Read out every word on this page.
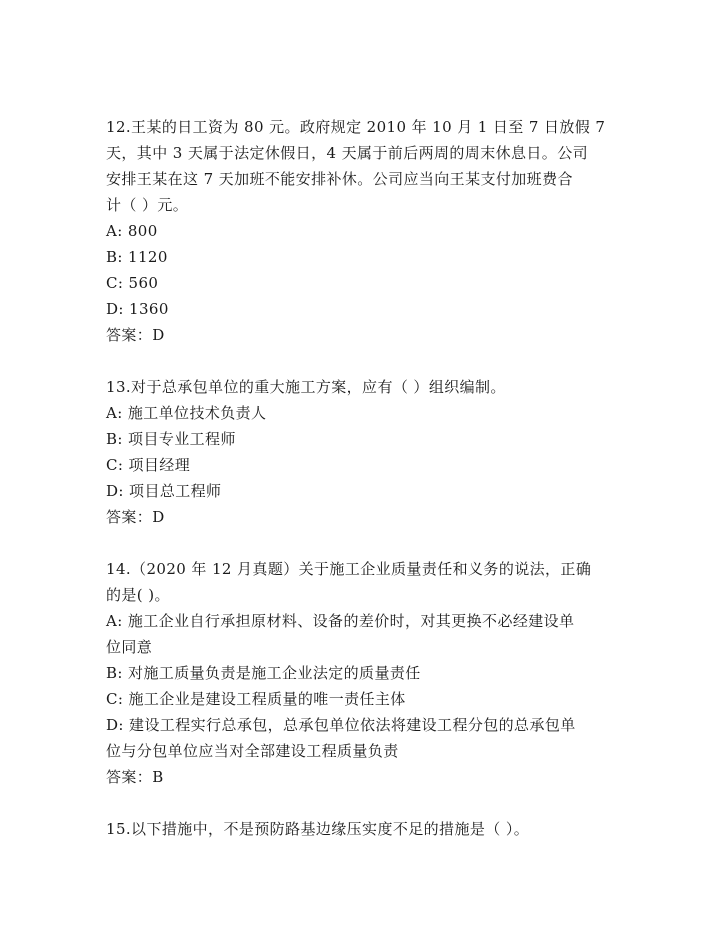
12.王某的日工资为 80 元。政府规定 2010 年 10 月 1 日至 7 日放假 7
天，其中 3 天属于法定休假日，4 天属于前后两周的周末休息日。公司
安排王某在这 7 天加班不能安排补休。公司应当向王某支付加班费合
计（ ）元。
A: 800
B: 1120
C: 560
D: 1360
答案：D
13.对于总承包单位的重大施工方案，应有（ ）组织编制。
A: 施工单位技术负责人
B: 项目专业工程师
C: 项目经理
D: 项目总工程师
答案：D
14.（2020 年 12 月真题）关于施工企业质量责任和义务的说法，正确
的是( )。
A: 施工企业自行承担原材料、设备的差价时，对其更换不必经建设单
位同意
B: 对施工质量负责是施工企业法定的质量责任
C: 施工企业是建设工程质量的唯一责任主体
D: 建设工程实行总承包，总承包单位依法将建设工程分包的总承包单
位与分包单位应当对全部建设工程质量负责
答案：B
15.以下措施中，不是预防路基边缘压实度不足的措施是（ ）。
